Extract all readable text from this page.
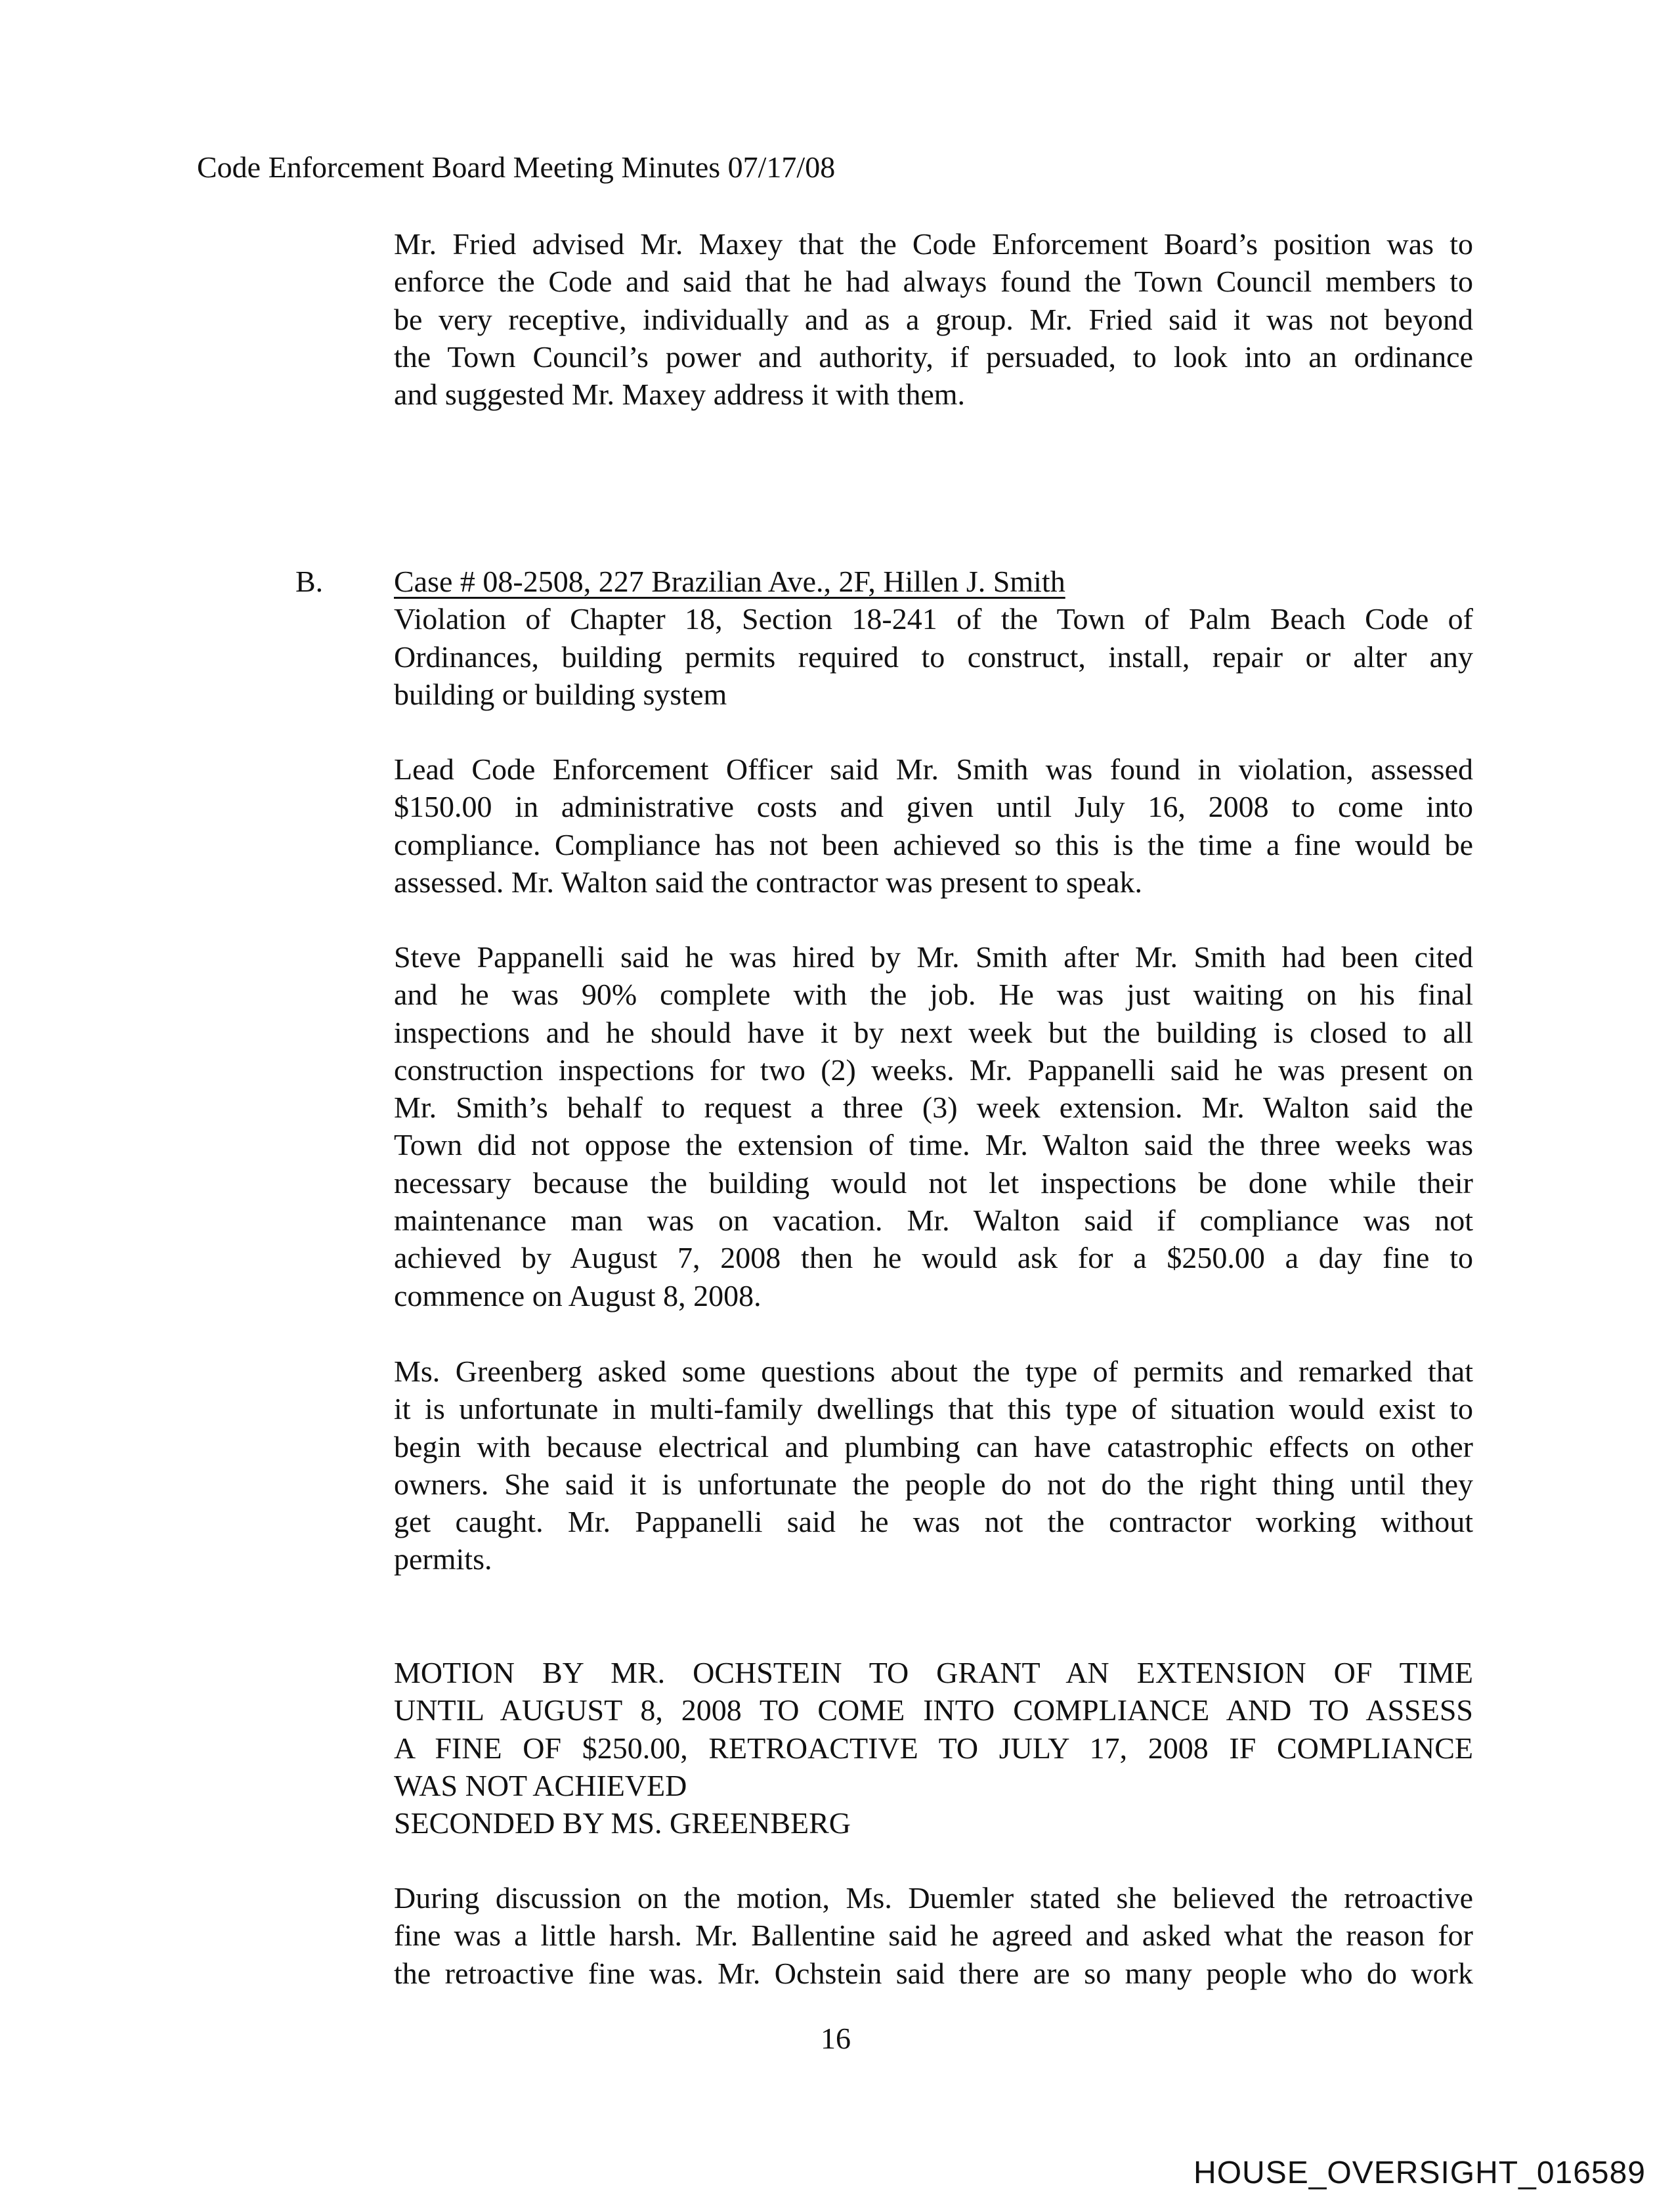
Code Enforcement Board Meeting Minutes 07/17/08
Mr. Fried advised Mr. Maxey that the Code Enforcement Board’s position was to
enforce the Code and said that he had always found the Town Council members to
be very receptive, individually and as a group. Mr. Fried said it was not beyond
the Town Council’s power and authority, if persuaded, to look into an ordinance
and suggested Mr. Maxey address it with them.
B. Case # 08-2508, 227 Brazilian Ave., 2F, Hillen J. Smith
Violation of Chapter 18, Section 18-241 of the Town of Palm Beach Code of
Ordinances, building permits required to construct, install, repair or alter any
building or building system
Lead Code Enforcement Officer said Mr. Smith was found in violation, assessed
$150.00 in administrative costs and given until July 16, 2008 to come into
compliance. Compliance has not been achieved so this is the time a fine would be
assessed. Mr. Walton said the contractor was present to speak.
Steve Pappanelli said he was hired by Mr. Smith after Mr. Smith had been cited
and he was 90% complete with the job. He was just waiting on his final
inspections and he should have it by next week but the building is closed to all
construction inspections for two (2) weeks. Mr. Pappanelli said he was present on
Mr. Smith’s behalf to request a three (3) week extension. Mr. Walton said the
Town did not oppose the extension of time. Mr. Walton said the three weeks was
necessary because the building would not let inspections be done while their
maintenance man was on vacation. Mr. Walton said if compliance was not
achieved by August 7, 2008 then he would ask for a $250.00 a day fine to
commence on August 8, 2008.
Ms. Greenberg asked some questions about the type of permits and remarked that
it is unfortunate in multi-family dwellings that this type of situation would exist to
begin with because electrical and plumbing can have catastrophic effects on other
owners. She said it is unfortunate the people do not do the right thing until they
get caught. Mr. Pappanelli said he was not the contractor working without
permits.
MOTION BY MR. OCHSTEIN TO GRANT AN EXTENSION OF TIME
UNTIL AUGUST 8, 2008 TO COME INTO COMPLIANCE AND TO ASSESS
A FINE OF $250.00, RETROACTIVE TO JULY 17, 2008 IF COMPLIANCE
WAS NOT ACHIEVED
SECONDED BY MS. GREENBERG
During discussion on the motion, Ms. Duemler stated she believed the retroactive
fine was a little harsh. Mr. Ballentine said he agreed and asked what the reason for
the retroactive fine was. Mr. Ochstein said there are so many people who do work
16
HOUSE_OVERSIGHT_016589
